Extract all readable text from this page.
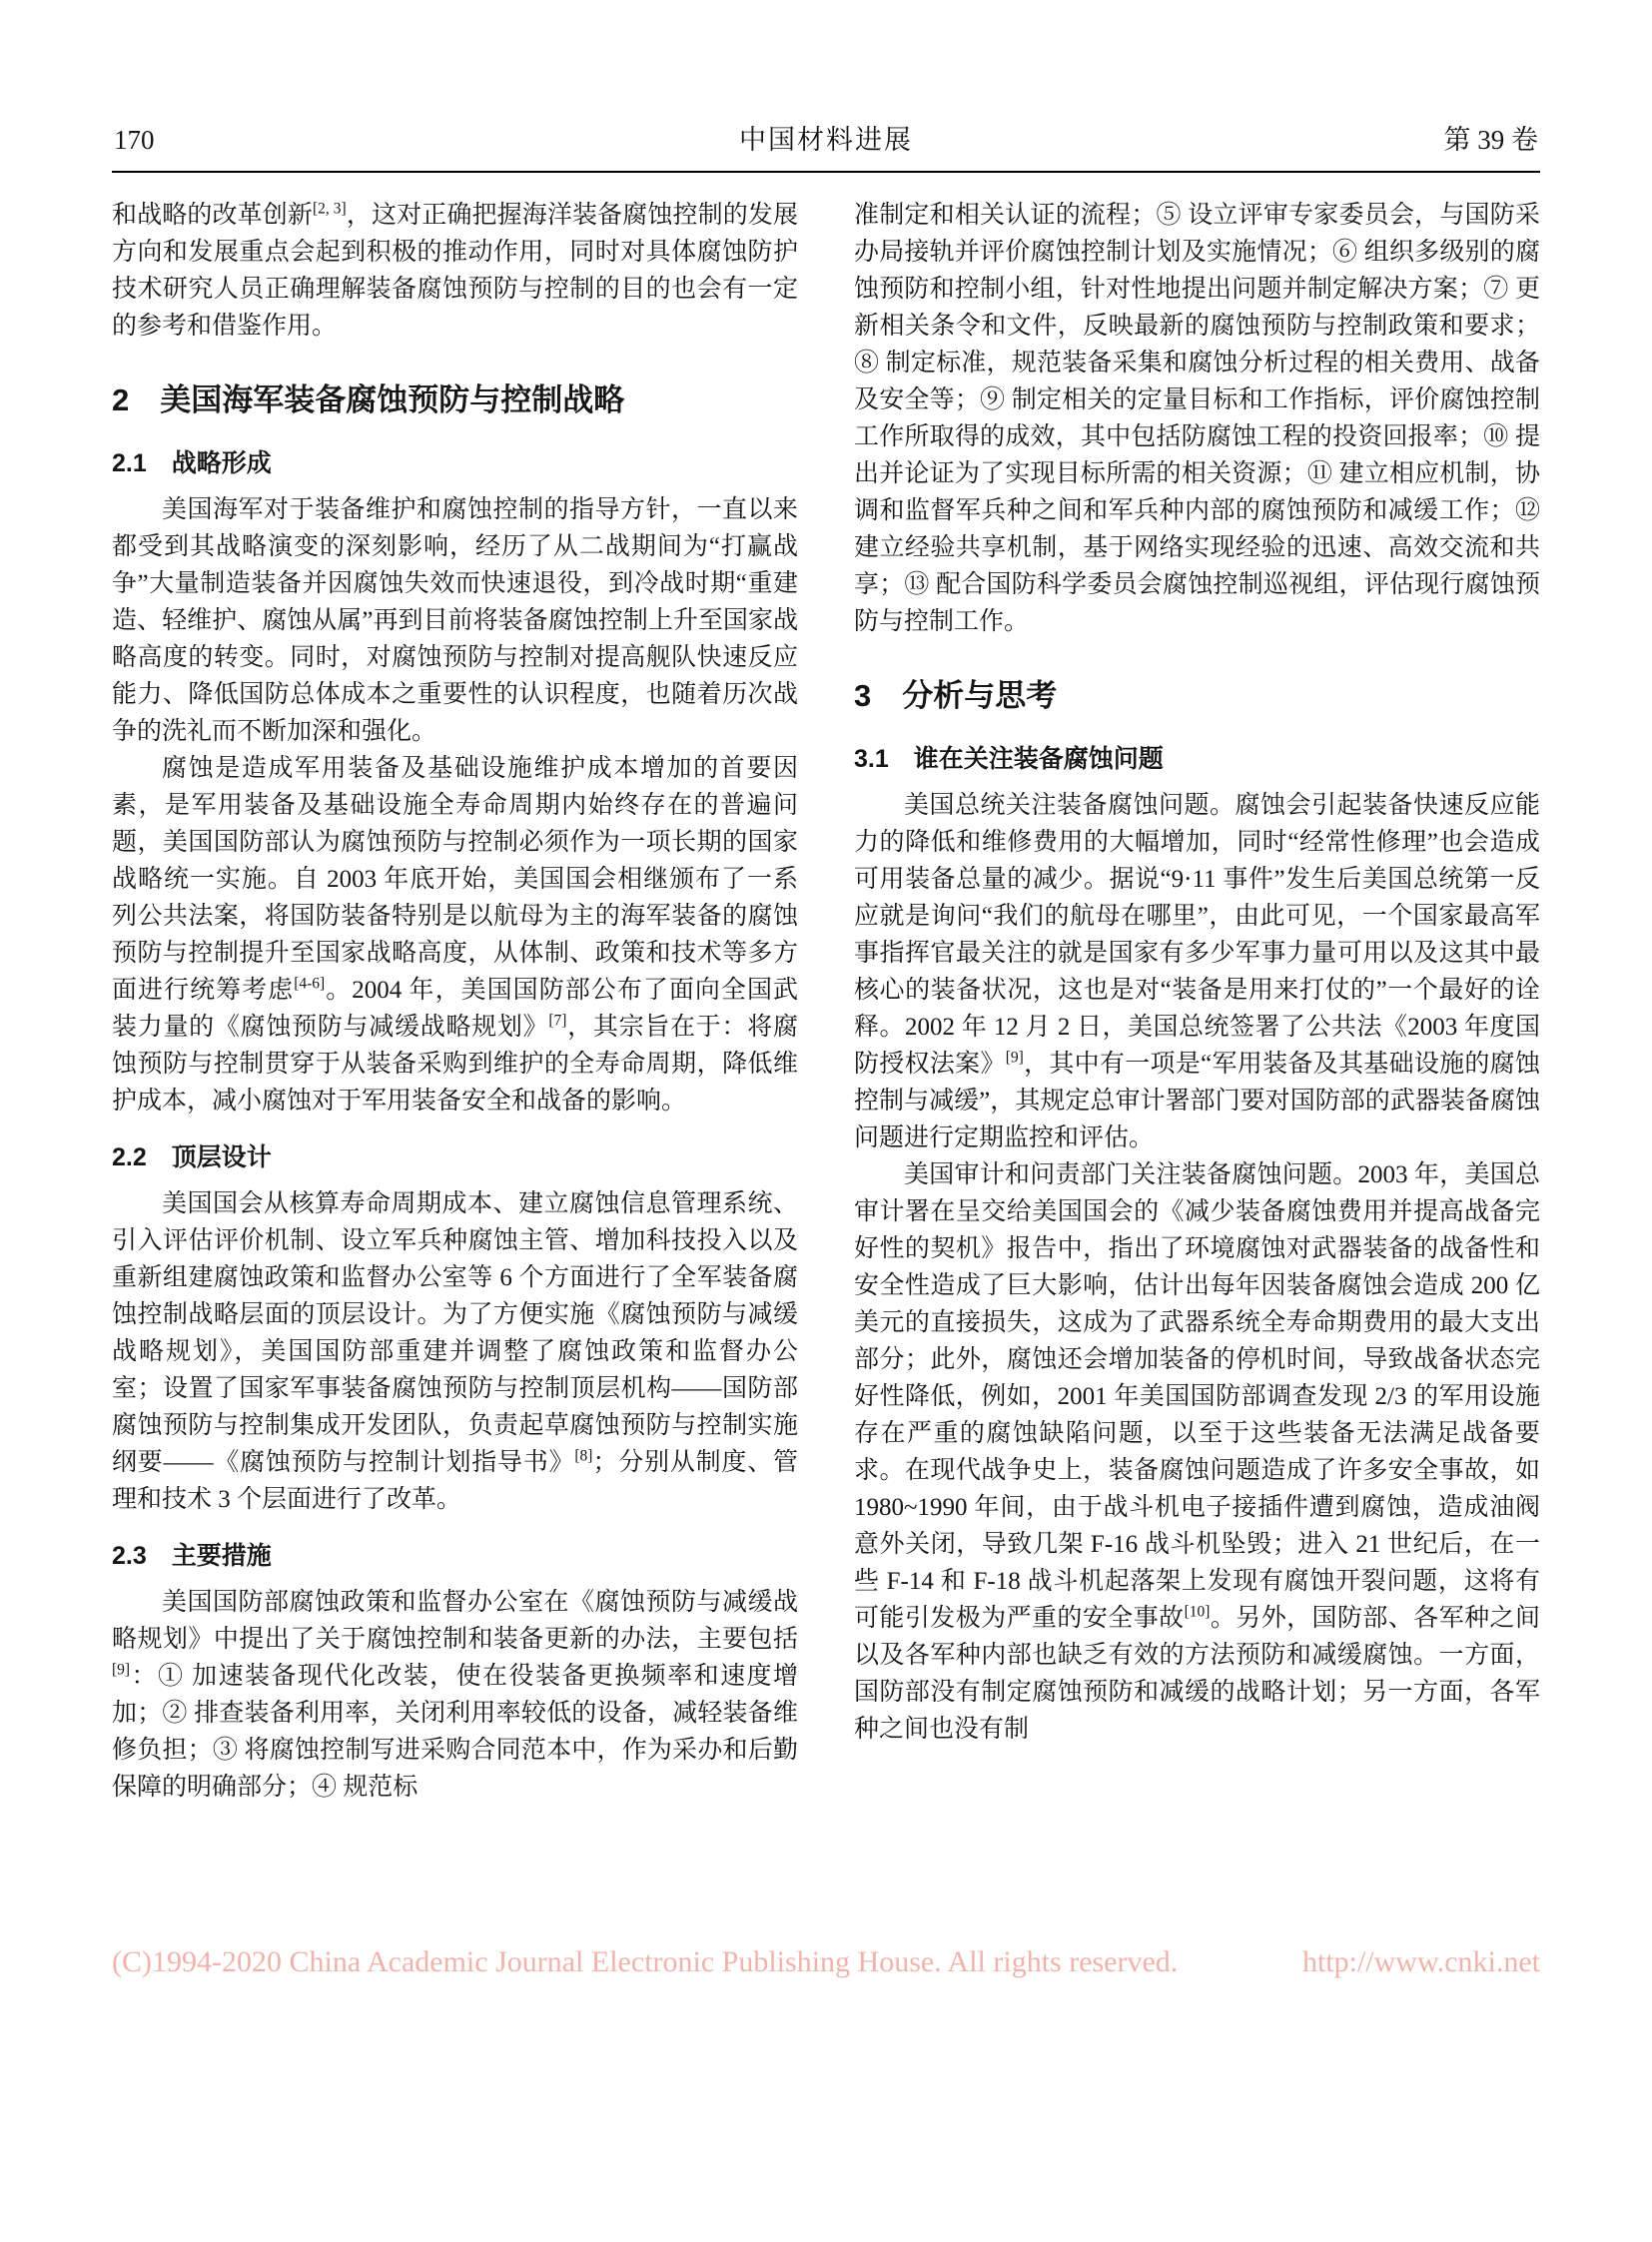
170	中国材料进展	第 39 卷

和战略的改革创新[2, 3]，这对正确把握海洋装备腐蚀控制的发展方向和发展重点会起到积极的推动作用，同时对具体腐蚀防护技术研究人员正确理解装备腐蚀预防与控制的目的也会有一定的参考和借鉴作用。

2　美国海军装备腐蚀预防与控制战略
2.1　战略形成

美国海军对于装备维护和腐蚀控制的指导方针，一直以来都受到其战略演变的深刻影响，经历了从二战期间为“打赢战争”大量制造装备并因腐蚀失效而快速退役，到冷战时期“重建造、轻维护、腐蚀从属”再到目前将装备腐蚀控制上升至国家战略高度的转变。同时，对腐蚀预防与控制对提高舰队快速反应能力、降低国防总体成本之重要性的认识程度，也随着历次战争的洗礼而不断加深和强化。

腐蚀是造成军用装备及基础设施维护成本增加的首要因素，是军用装备及基础设施全寿命周期内始终存在的普遍问题，美国国防部认为腐蚀预防与控制必须作为一项长期的国家战略统一实施。自 2003 年底开始，美国国会相继颁布了一系列公共法案，将国防装备特别是以航母为主的海军装备的腐蚀预防与控制提升至国家战略高度，从体制、政策和技术等多方面进行统筹考虑[4-6]。2004 年，美国国防部公布了面向全国武装力量的《腐蚀预防与减缓战略规划》[7]，其宗旨在于：将腐蚀预防与控制贯穿于从装备采购到维护的全寿命周期，降低维护成本，减小腐蚀对于军用装备安全和战备的影响。

2.2　顶层设计

美国国会从核算寿命周期成本、建立腐蚀信息管理系统、引入评估评价机制、设立军兵种腐蚀主管、增加科技投入以及重新组建腐蚀政策和监督办公室等 6 个方面进行了全军装备腐蚀控制战略层面的顶层设计。为了方便实施《腐蚀预防与减缓战略规划》，美国国防部重建并调整了腐蚀政策和监督办公室；设置了国家军事装备腐蚀预防与控制顶层机构——国防部腐蚀预防与控制集成开发团队，负责起草腐蚀预防与控制实施纲要——《腐蚀预防与控制计划指导书》[8]；分别从制度、管理和技术 3 个层面进行了改革。

2.3　主要措施

美国国防部腐蚀政策和监督办公室在《腐蚀预防与减缓战略规划》中提出了关于腐蚀控制和装备更新的办法，主要包括[9]：① 加速装备现代化改装，使在役装备更换频率和速度增加；② 排查装备利用率，关闭利用率较低的设备，减轻装备维修负担；③ 将腐蚀控制写进采购合同范本中，作为采办和后勤保障的明确部分；④ 规范标

准制定和相关认证的流程；⑤ 设立评审专家委员会，与国防采办局接轨并评价腐蚀控制计划及实施情况；⑥ 组织多级别的腐蚀预防和控制小组，针对性地提出问题并制定解决方案；⑦ 更新相关条令和文件，反映最新的腐蚀预防与控制政策和要求；⑧ 制定标准，规范装备采集和腐蚀分析过程的相关费用、战备及安全等；⑨ 制定相关的定量目标和工作指标，评价腐蚀控制工作所取得的成效，其中包括防腐蚀工程的投资回报率；⑩ 提出并论证为了实现目标所需的相关资源；⑪ 建立相应机制，协调和监督军兵种之间和军兵种内部的腐蚀预防和减缓工作；⑫ 建立经验共享机制，基于网络实现经验的迅速、高效交流和共享；⑬ 配合国防科学委员会腐蚀控制巡视组，评估现行腐蚀预防与控制工作。

3　分析与思考
3.1　谁在关注装备腐蚀问题

美国总统关注装备腐蚀问题。腐蚀会引起装备快速反应能力的降低和维修费用的大幅增加，同时“经常性修理”也会造成可用装备总量的减少。据说“9·11 事件”发生后美国总统第一反应就是询问“我们的航母在哪里”，由此可见，一个国家最高军事指挥官最关注的就是国家有多少军事力量可用以及这其中最核心的装备状况，这也是对“装备是用来打仗的”一个最好的诠释。2002 年 12 月 2 日，美国总统签署了公共法《2003 年度国防授权法案》[9]，其中有一项是“军用装备及其基础设施的腐蚀控制与减缓”，其规定总审计署部门要对国防部的武器装备腐蚀问题进行定期监控和评估。

美国审计和问责部门关注装备腐蚀问题。2003 年，美国总审计署在呈交给美国国会的《减少装备腐蚀费用并提高战备完好性的契机》报告中，指出了环境腐蚀对武器装备的战备性和安全性造成了巨大影响，估计出每年因装备腐蚀会造成 200 亿美元的直接损失，这成为了武器系统全寿命期费用的最大支出部分；此外，腐蚀还会增加装备的停机时间，导致战备状态完好性降低，例如，2001 年美国国防部调查发现 2/3 的军用设施存在严重的腐蚀缺陷问题，以至于这些装备无法满足战备要求。在现代战争史上，装备腐蚀问题造成了许多安全事故，如 1980~1990 年间，由于战斗机电子接插件遭到腐蚀，造成油阀意外关闭，导致几架 F-16 战斗机坠毁；进入 21 世纪后，在一些 F-14 和 F-18 战斗机起落架上发现有腐蚀开裂问题，这将有可能引发极为严重的安全事故[10]。另外，国防部、各军种之间以及各军种内部也缺乏有效的方法预防和减缓腐蚀。一方面，国防部没有制定腐蚀预防和减缓的战略计划；另一方面，各军种之间也没有制

(C)1994-2020 China Academic Journal Electronic Publishing House. All rights reserved.	http://www.cnki.net
